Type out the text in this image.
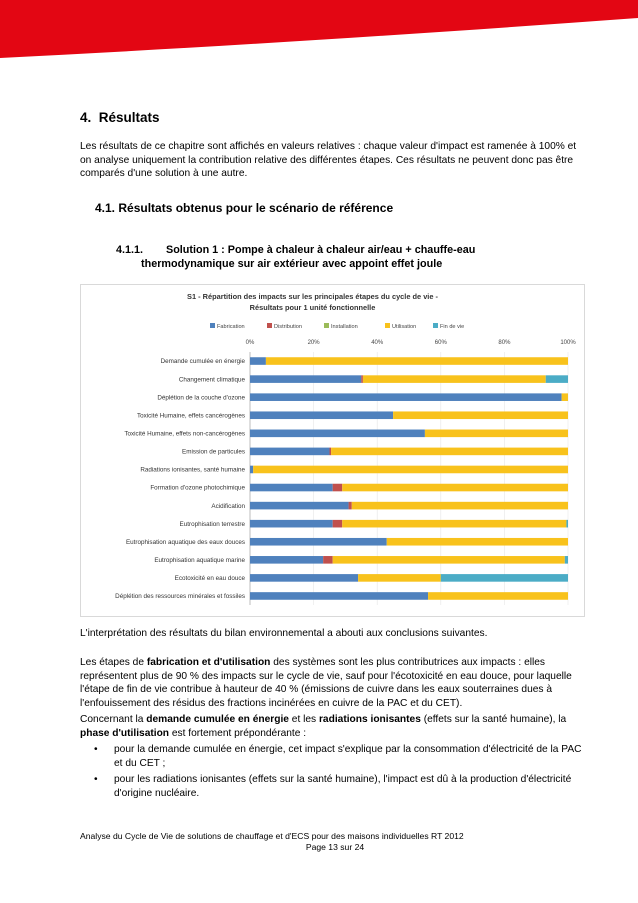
4. Résultats

Les résultats de ce chapitre sont affichés en valeurs relatives : chaque valeur d'impact est ramenée à 100% et on analyse uniquement la contribution relative des différentes étapes. Ces résultats ne peuvent donc pas être comparés d'une solution à une autre.

4.1. Résultats obtenus pour le scénario de référence
4.1.1. Solution 1 : Pompe à chaleur à chaleur air/eau + chauffe-eau
thermodynamique sur air extérieur avec appoint effet joule
S1 - Répartition des impacts sur les principales étapes du cycle de vie -
Résultats pour 1 unité fonctionnelle
Fabrication	Distribution	Installation	Utilisation	Fin de vie
0%	20%	40%	60%	80%	100%
Demande cumulée en énergie
Changement climatique
Déplétion de la couche d'ozone
Toxicité Humaine, effets cancérogènes
Toxicité Humaine, effets non-cancérogènes
Emission de particules
Radiations ionisantes, santé humaine
Formation d'ozone photochimique
Acidification
Eutrophisation terrestre
Eutrophisation aquatique des eaux douces
Eutrophisation aquatique marine
Ecotoxicité en eau douce
Déplétion des ressources minérales et fossiles

L'interprétation des résultats du bilan environnemental a abouti aux conclusions suivantes.

Les étapes de fabrication et d'utilisation des systèmes sont les plus contributrices aux impacts : elles représentent plus de 90 % des impacts sur le cycle de vie, sauf pour l'écotoxicité en eau douce, pour laquelle l'étape de fin de vie contribue à hauteur de 40 % (émissions de cuivre dans les eaux souterraines dues à l'enfouissement des résidus des fractions incinérées en cuivre de la PAC et du CET).

Concernant la demande cumulée en énergie et les radiations ionisantes (effets sur la santé humaine), la phase d'utilisation est fortement prépondérante :

• pour la demande cumulée en énergie, cet impact s'explique par la consommation d'électricité de la PAC et du CET ;
• pour les radiations ionisantes (effets sur la santé humaine), l'impact est dû à la production d'électricité d'origine nucléaire.
Analyse du Cycle de Vie de solutions de chauffage et d'ECS pour des maisons individuelles RT 2012
Page 13 sur 24
